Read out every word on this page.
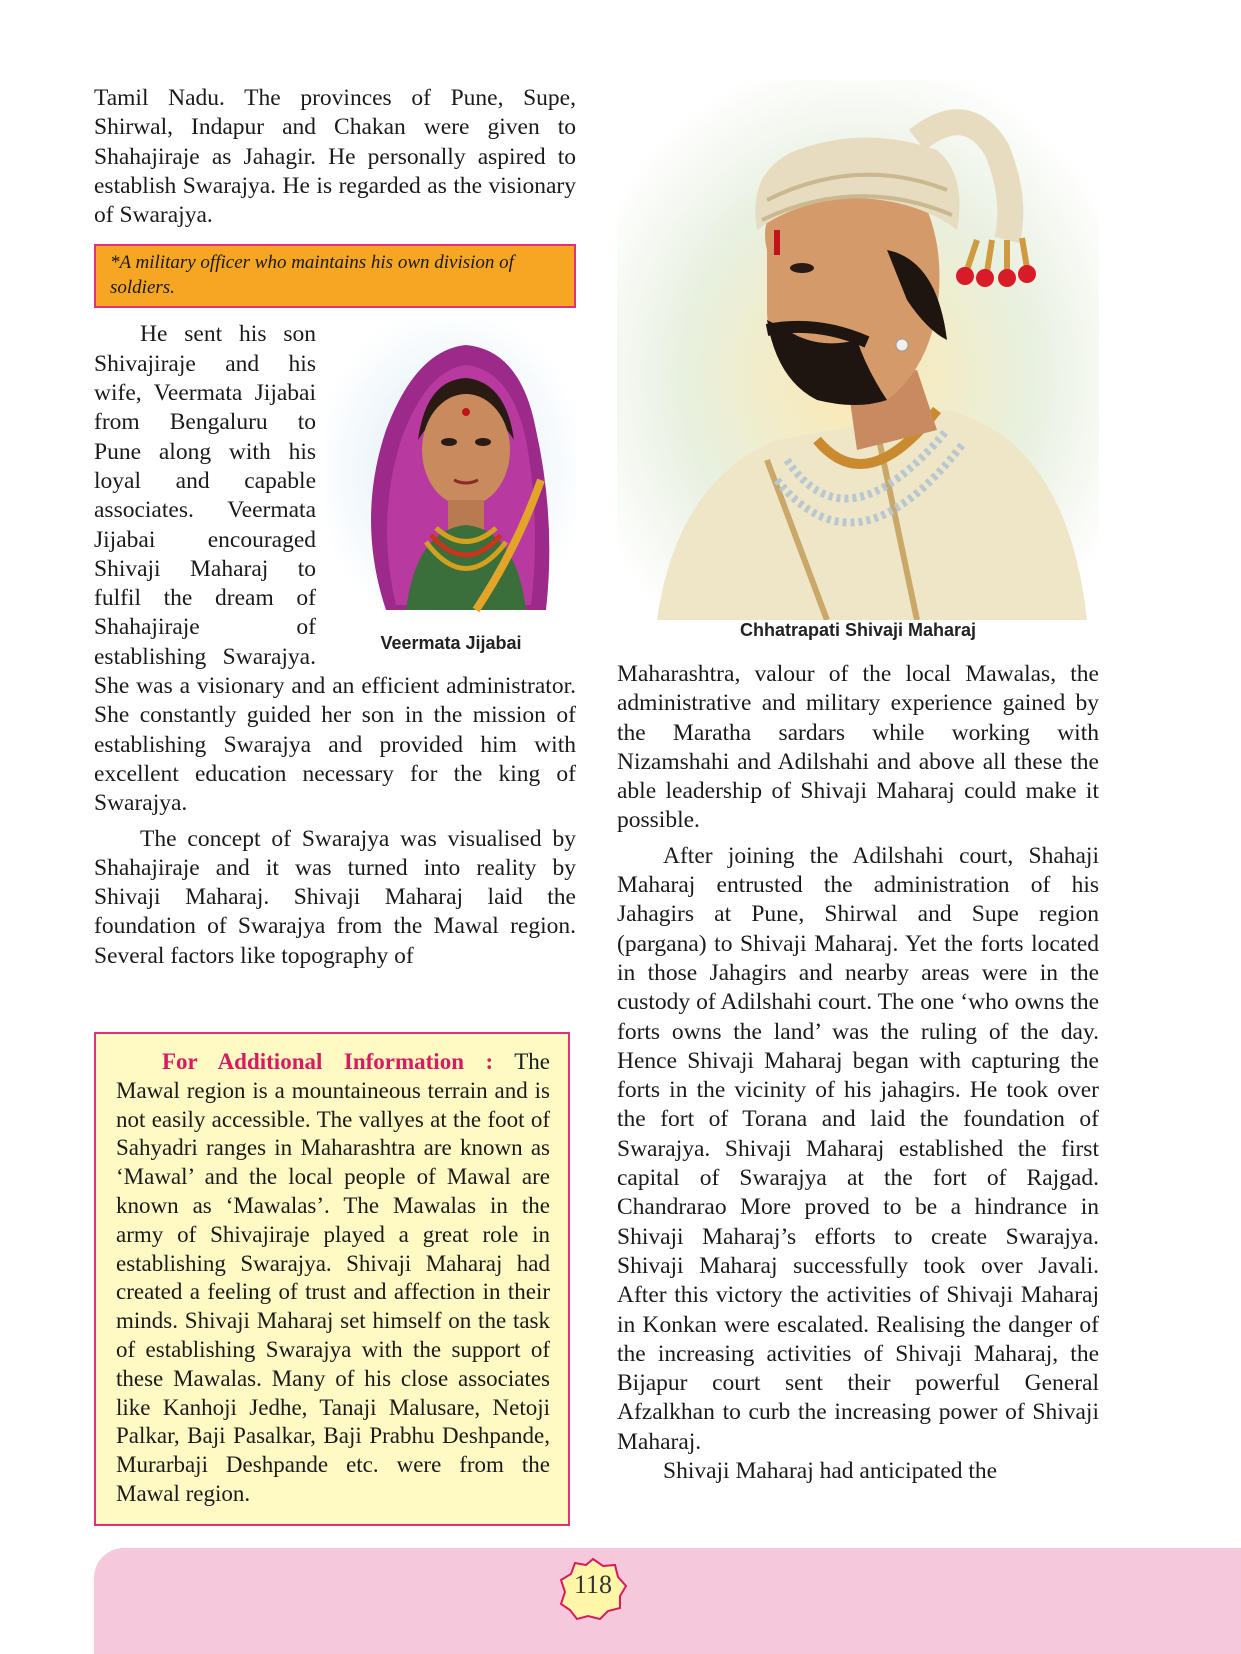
Tamil Nadu. The provinces of Pune, Supe, Shirwal, Indapur and Chakan were given to Shahajiraje as Jahagir. He personally aspired to establish Swarajya. He is regarded as the visionary of Swarajya.

*A military officer who maintains his own division of soldiers.
Veermata Jijabai

He sent his son Shivajiraje and his wife, Veermata Jijabai from Bengaluru to Pune along with his loyal and capable associates. Veermata Jijabai encouraged Shivaji Maharaj to fulfil the dream of Shahajiraje of establishing Swarajya. She was a visionary and an efficient administrator. She constantly guided her son in the mission of establishing Swarajya and provided him with excellent education necessary for the king of Swarajya.

The concept of Swarajya was visualised by Shahajiraje and it was turned into reality by Shivaji Maharaj. Shivaji Maharaj laid the foundation of Swarajya from the Mawal region. Several factors like topography of

For Additional Information : The Mawal region is a mountaineous terrain and is not easily accessible. The vallyes at the foot of Sahyadri ranges in Maharashtra are known as ‘Mawal’ and the local people of Mawal are known as ‘Mawalas’. The Mawalas in the army of Shivajiraje played a great role in establishing Swarajya. Shivaji Maharaj had created a feeling of trust and affection in their minds. Shivaji Maharaj set himself on the task of establishing Swarajya with the support of these Mawalas. Many of his close associates like Kanhoji Jedhe, Tanaji Malusare, Netoji Palkar, Baji Pasalkar, Baji Prabhu Deshpande, Murarbaji Deshpande etc. were from the Mawal region.

Chhatrapati Shivaji Maharaj

Maharashtra, valour of the local Mawalas, the administrative and military experience gained by the Maratha sardars while working with Nizamshahi and Adilshahi and above all these the able leadership of Shivaji Maharaj could make it possible.

After joining the Adilshahi court, Shahaji Maharaj entrusted the administration of his Jahagirs at Pune, Shirwal and Supe region (pargana) to Shivaji Maharaj. Yet the forts located in those Jahagirs and nearby areas were in the custody of Adilshahi court. The one ‘who owns the forts owns the land’ was the ruling of the day. Hence Shivaji Maharaj began with capturing the forts in the vicinity of his jahagirs. He took over the fort of Torana and laid the foundation of Swarajya. Shivaji Maharaj established the first capital of Swarajya at the fort of Rajgad. Chandrarao More proved to be a hindrance in Shivaji Maharaj’s efforts to create Swarajya. Shivaji Maharaj successfully took over Javali. After this victory the activities of Shivaji Maharaj in Konkan were escalated. Realising the danger of the increasing activities of Shivaji Maharaj, the Bijapur court sent their powerful General Afzalkhan to curb the increasing power of Shivaji Maharaj.

Shivaji Maharaj had anticipated the

118
